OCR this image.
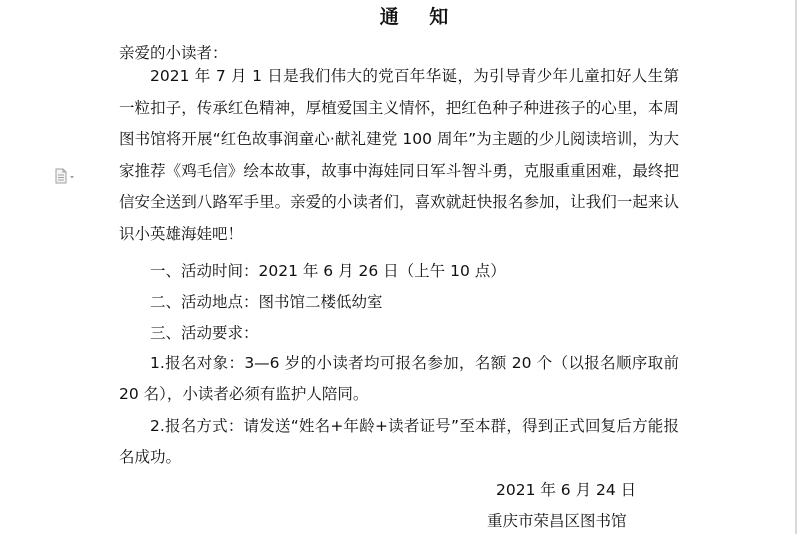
通 知

亲爱的小读者：

2021 年 7 月 1 日是我们伟大的党百年华诞，为引导青少年儿童扣好人生第一粒扣子，传承红色精神，厚植爱国主义情怀，把红色种子种进孩子的心里，本周图书馆将开展“红色故事润童心·献礼建党 100 周年”为主题的少儿阅读培训，为大家推荐《鸡毛信》绘本故事，故事中海娃同日军斗智斗勇，克服重重困难，最终把信安全送到八路军手里。亲爱的小读者们，喜欢就赶快报名参加，让我们一起来认识小英雄海娃吧！

一、活动时间：2021 年 6 月 26 日（上午 10 点）

二、活动地点：图书馆二楼低幼室

三、活动要求：

1.报名对象：3—6 岁的小读者均可报名参加，名额 20 个（以报名顺序取前 20 名），小读者必须有监护人陪同。

2.报名方式：请发送“姓名+年龄+读者证号”至本群，得到正式回复后方能报名成功。

2021 年 6 月 24 日

重庆市荣昌区图书馆
